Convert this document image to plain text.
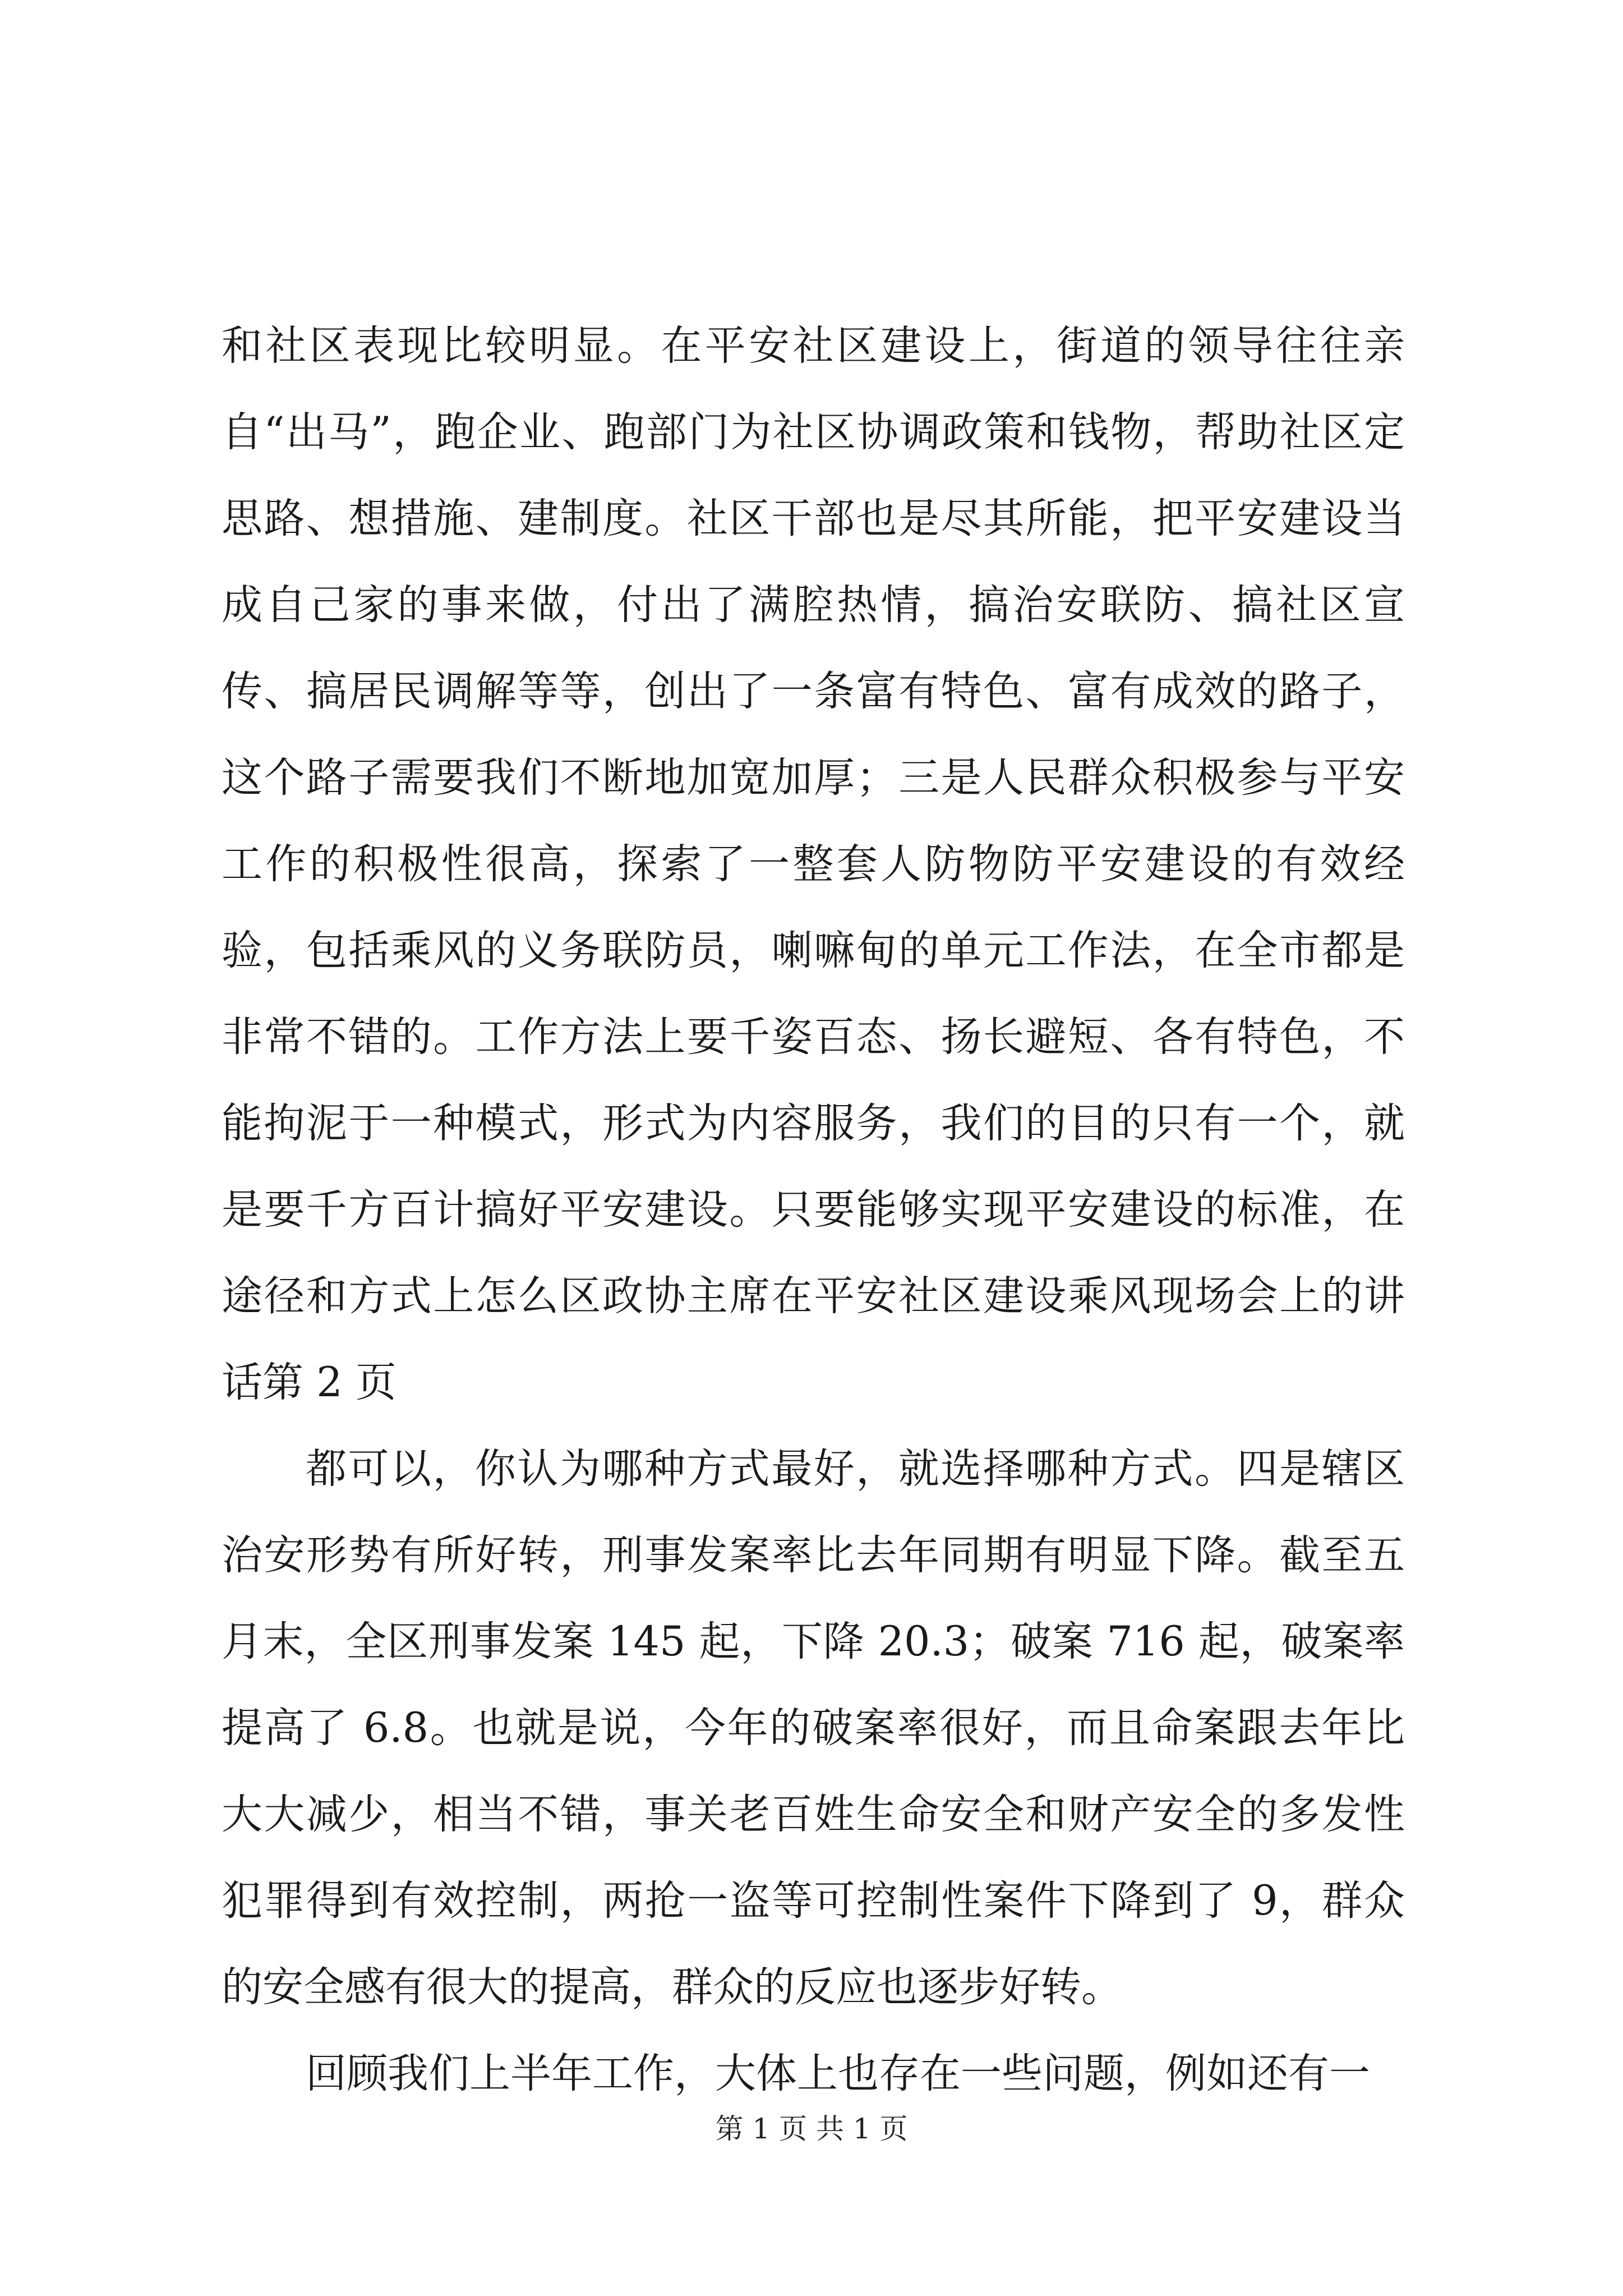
和社区表现比较明显。在平安社区建设上，街道的领导往往亲自“出马”，跑企业、跑部门为社区协调政策和钱物，帮助社区定思路、想措施、建制度。社区干部也是尽其所能，把平安建设当成自己家的事来做，付出了满腔热情，搞治安联防、搞社区宣传、搞居民调解等等，创出了一条富有特色、富有成效的路子，这个路子需要我们不断地加宽加厚；三是人民群众积极参与平安工作的积极性很高，探索了一整套人防物防平安建设的有效经验，包括乘风的义务联防员，喇嘛甸的单元工作法，在全市都是非常不错的。工作方法上要千姿百态、扬长避短、各有特色，不能拘泥于一种模式，形式为内容服务，我们的目的只有一个，就是要千方百计搞好平安建设。只要能够实现平安建设的标准，在途径和方式上怎么区政协主席在平安社区建设乘风现场会上的讲话第 2 页

都可以，你认为哪种方式最好，就选择哪种方式。四是辖区治安形势有所好转，刑事发案率比去年同期有明显下降。截至五月末，全区刑事发案 145 起，下降 20.3；破案 716 起，破案率提高了 6.8。也就是说，今年的破案率很好，而且命案跟去年比大大减少，相当不错，事关老百姓生命安全和财产安全的多发性犯罪得到有效控制，两抢一盗等可控制性案件下降到了 9，群众的安全感有很大的提高，群众的反应也逐步好转。

回顾我们上半年工作，大体上也存在一些问题，例如还有一

第 1 页 共 1 页
